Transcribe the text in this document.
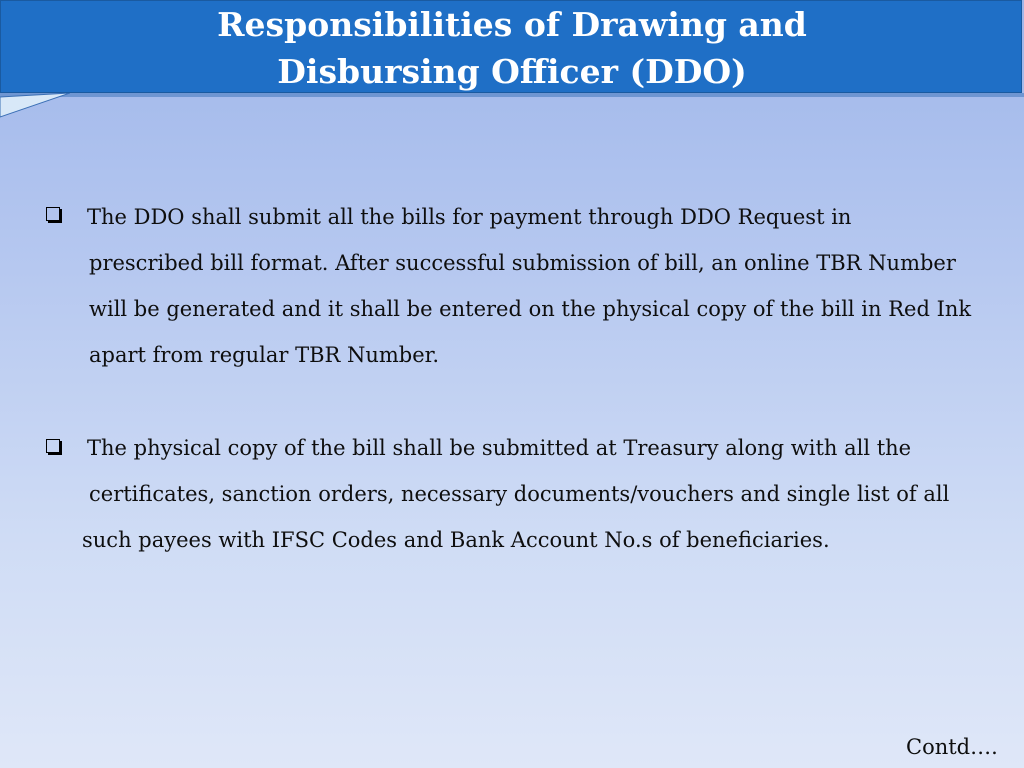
Responsibilities of Drawing and
Disbursing Officer (DDO)
The DDO shall submit all the bills for payment through DDO Request in
prescribed bill format. After successful submission of bill, an online TBR Number
will be generated and it shall be entered on the physical copy of the bill in Red Ink
apart from regular TBR Number.
The physical copy of the bill shall be submitted at Treasury along with all the
certificates, sanction orders, necessary documents/vouchers and single list of all
such payees with IFSC Codes and Bank Account No.s of beneficiaries.
Contd….
